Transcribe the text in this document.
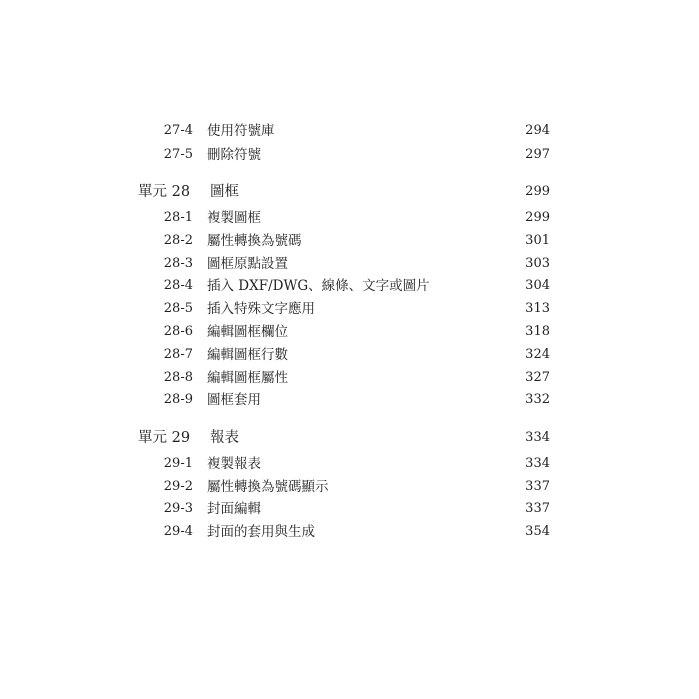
27-4 使用符號庫	294
27-5 刪除符號	297
單元 28 圖框	299
28-1 複製圖框	299
28-2 屬性轉換為號碼	301
28-3 圖框原點設置	303
28-4 插入 DXF/DWG、線條、文字或圖片	304
28-5 插入特殊文字應用	313
28-6 編輯圖框欄位	318
28-7 編輯圖框行數	324
28-8 編輯圖框屬性	327
28-9 圖框套用	332
單元 29 報表	334
29-1 複製報表	334
29-2 屬性轉換為號碼顯示	337
29-3 封面編輯	337
29-4 封面的套用與生成	354
